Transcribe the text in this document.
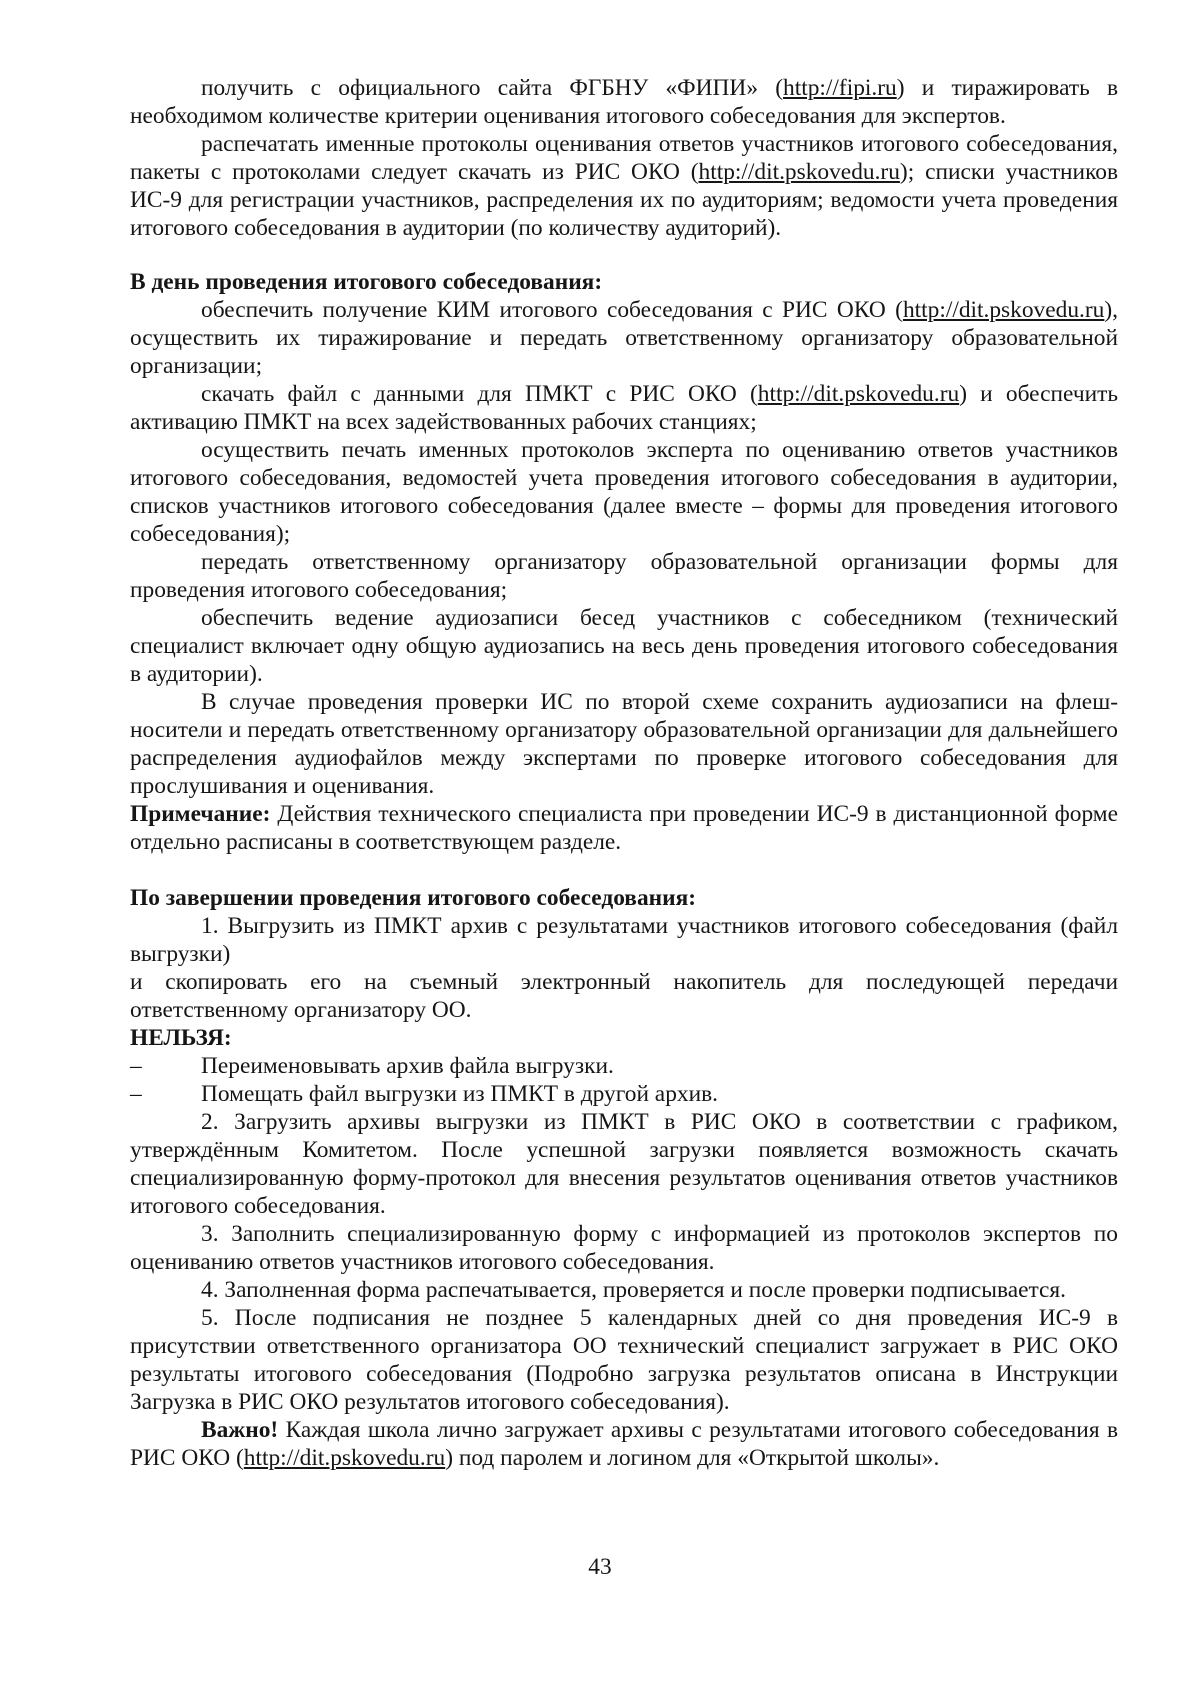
получить с официального сайта ФГБНУ «ФИПИ» (http://fipi.ru) и тиражировать в необходимом количестве критерии оценивания итогового собеседования для экспертов.

распечатать именные протоколы оценивания ответов участников итогового собеседования, пакеты с протоколами следует скачать из РИС ОКО (http://dit.pskovedu.ru); списки участников ИС-9 для регистрации участников, распределения их по аудиториям; ведомости учета проведения итогового собеседования в аудитории (по количеству аудиторий).

В день проведения итогового собеседования:

обеспечить получение КИМ итогового собеседования с РИС ОКО (http://dit.pskovedu.ru), осуществить их тиражирование и передать ответственному организатору образовательной организации;

скачать файл с данными для ПМКТ с РИС ОКО (http://dit.pskovedu.ru) и обеспечить активацию ПМКТ на всех задействованных рабочих станциях;

осуществить печать именных протоколов эксперта по оцениванию ответов участников итогового собеседования, ведомостей учета проведения итогового собеседования в аудитории, списков участников итогового собеседования (далее вместе – формы для проведения итогового собеседования);

передать ответственному организатору образовательной организации формы для проведения итогового собеседования;

обеспечить ведение аудиозаписи бесед участников с собеседником (технический специалист включает одну общую аудиозапись на весь день проведения итогового собеседования в аудитории).

В случае проведения проверки ИС по второй схеме сохранить аудиозаписи на флеш-носители и передать ответственному организатору образовательной организации для дальнейшего распределения аудиофайлов между экспертами по проверке итогового собеседования для прослушивания и оценивания.

Примечание: Действия технического специалиста при проведении ИС-9 в дистанционной форме отдельно расписаны в соответствующем разделе.

По завершении проведения итогового собеседования:

1. Выгрузить из ПМКТ архив с результатами участников итогового собеседования (файл выгрузки)

и скопировать его на съемный электронный накопитель для последующей передачи ответственному организатору ОО.

НЕЛЬЗЯ:

–	Переименовывать архив файла выгрузки.
–	Помещать файл выгрузки из ПМКТ в другой архив.

2. Загрузить архивы выгрузки из ПМКТ в РИС ОКО в соответствии с графиком, утверждённым Комитетом. После успешной загрузки появляется возможность скачать специализированную форму-протокол для внесения результатов оценивания ответов участников итогового собеседования.

3. Заполнить специализированную форму с информацией из протоколов экспертов по оцениванию ответов участников итогового собеседования.

4. Заполненная форма распечатывается, проверяется и после проверки подписывается.

5. После подписания не позднее 5 календарных дней со дня проведения ИС-9 в присутствии ответственного организатора ОО технический специалист загружает в РИС ОКО результаты итогового собеседования (Подробно загрузка результатов описана в Инструкции Загрузка в РИС ОКО результатов итогового собеседования).

Важно! Каждая школа лично загружает архивы с результатами итогового собеседования в РИС ОКО (http://dit.pskovedu.ru) под паролем и логином для «Открытой школы».

43
